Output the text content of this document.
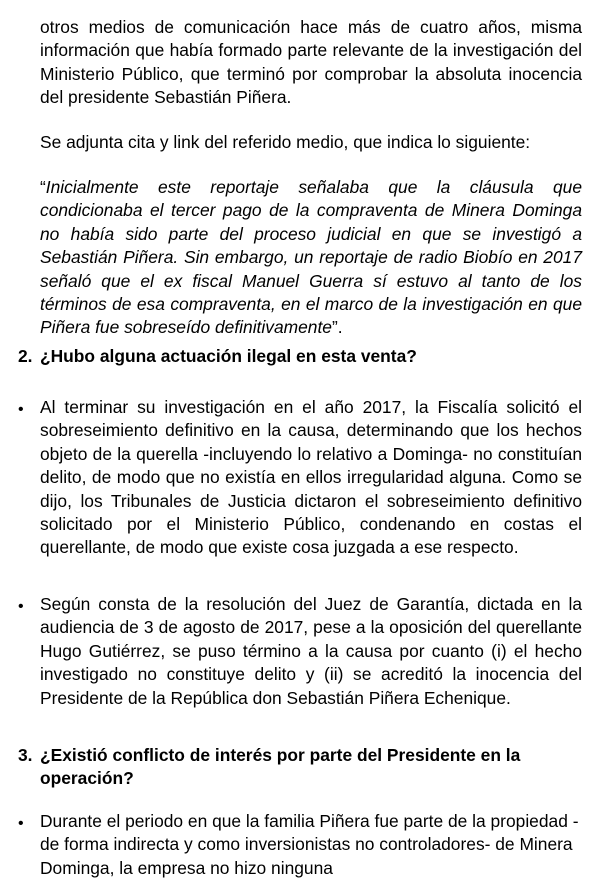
otros medios de comunicación hace más de cuatro años, misma información que había formado parte relevante de la investigación del Ministerio Público, que terminó por comprobar la absoluta inocencia del presidente Sebastián Piñera.

Se adjunta cita y link del referido medio, que indica lo siguiente:

“Inicialmente este reportaje señalaba que la cláusula que condicionaba el tercer pago de la compraventa de Minera Dominga no había sido parte del proceso judicial en que se investigó a Sebastián Piñera. Sin embargo, un reportaje de radio Biobío en 2017 señaló que el ex fiscal Manuel Guerra sí estuvo al tanto de los términos de esa compraventa, en el marco de la investigación en que Piñera fue sobreseído definitivamente”.

2. ¿Hubo alguna actuación ilegal en esta venta?
• Al terminar su investigación en el año 2017, la Fiscalía solicitó el sobreseimiento definitivo en la causa, determinando que los hechos objeto de la querella -incluyendo lo relativo a Dominga- no constituían delito, de modo que no existía en ellos irregularidad alguna. Como se dijo, los Tribunales de Justicia dictaron el sobreseimiento definitivo solicitado por el Ministerio Público, condenando en costas el querellante, de modo que existe cosa juzgada a ese respecto.

• Según consta de la resolución del Juez de Garantía, dictada en la audiencia de 3 de agosto de 2017, pese a la oposición del querellante Hugo Gutiérrez, se puso término a la causa por cuanto (i) el hecho investigado no constituye delito y (ii) se acreditó la inocencia del Presidente de la República don Sebastián Piñera Echenique.

3. ¿Existió conflicto de interés por parte del Presidente en la operación?
• Durante el periodo en que la familia Piñera fue parte de la propiedad -de forma indirecta y como inversionistas no controladores- de Minera Dominga, la empresa no hizo ninguna
